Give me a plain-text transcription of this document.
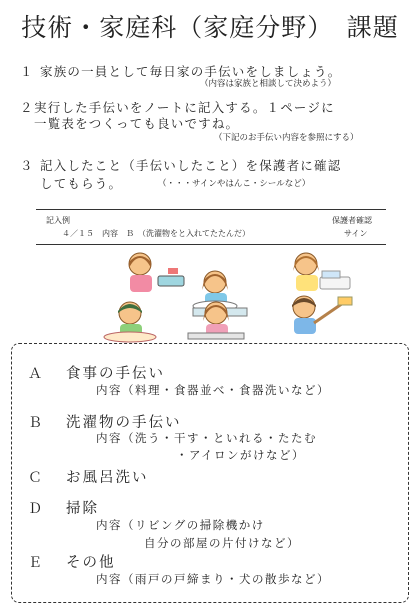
技術・家庭科（家庭分野）　課題
１ 家族の一員として毎日家の手伝いをしましょう。
（内容は家族と相談して決めよう）
２ 実行した手伝いをノートに記入する。１ページに
一覧表をつくっても良いですね。
（下記のお手伝い内容を参照にする）
３ 記入したこと（手伝いしたこと）を保護者に確認
してもらう。	（・・・サインやはんこ・シールなど）
記入例	保護者確認
４／１５　内容　Ｂ　（洗濯物をと入れてたたんだ）	サイン
Ａ 食事の手伝い
内容（料理・食器並べ・食器洗いなど）
Ｂ 洗濯物の手伝い
内容（洗う・干す・といれる・たたむ
・アイロンがけなど）
Ｃ お風呂洗い
Ｄ 掃除
内容（リビングの掃除機かけ
自分の部屋の片付けなど）
Ｅ その他
内容（雨戸の戸締まり・犬の散歩など）
